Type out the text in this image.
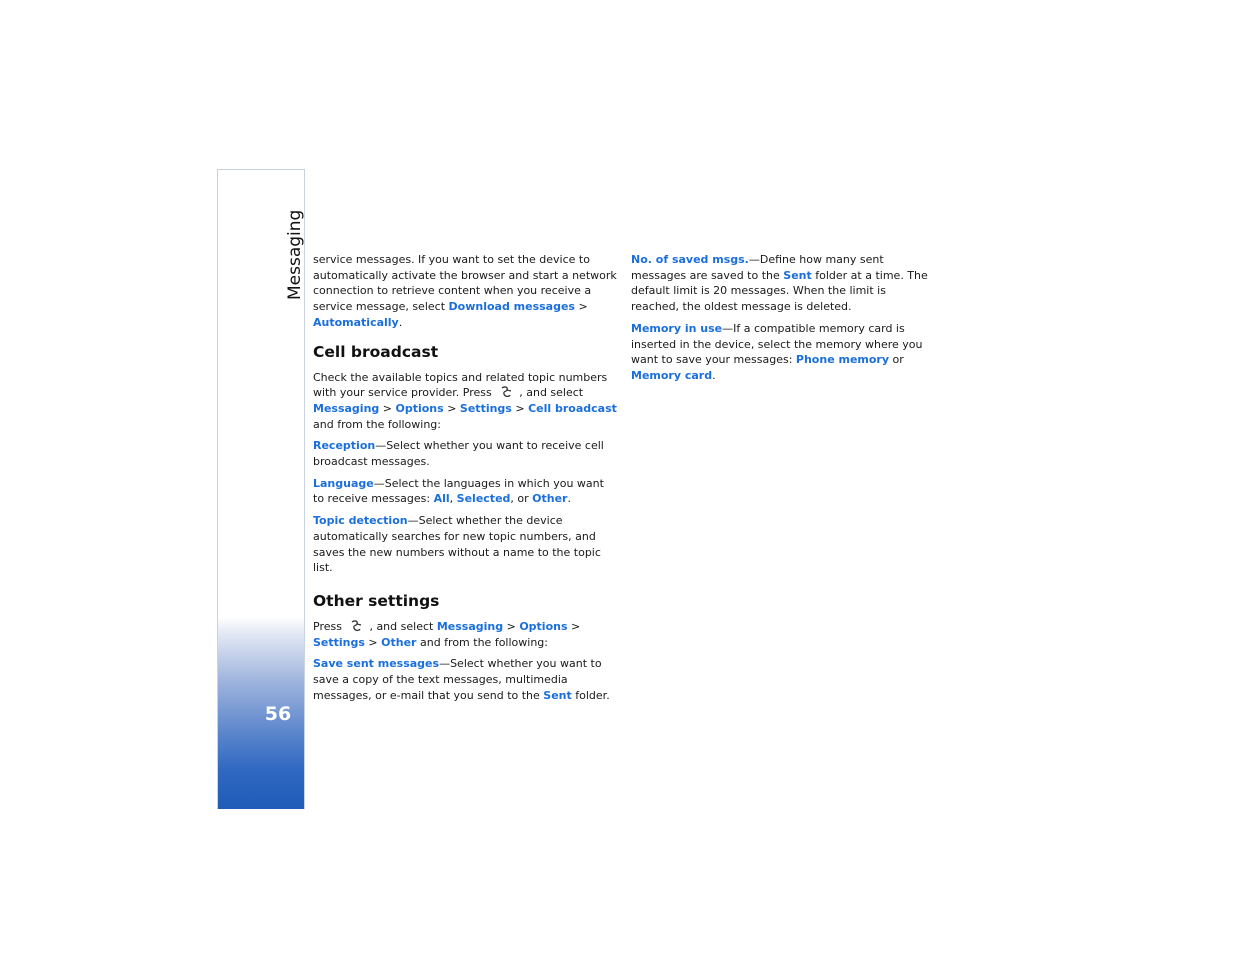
Messaging
56

service messages. If you want to set the device to automatically activate the browser and start a network connection to retrieve content when you receive a service message, select Download messages > Automatically.

Cell broadcast

Check the available topics and related topic numbers with your service provider. Press , and select Messaging > Options > Settings > Cell broadcast and from the following:

Reception—Select whether you want to receive cell broadcast messages.

Language—Select the languages in which you want to receive messages: All, Selected, or Other.

Topic detection—Select whether the device automatically searches for new topic numbers, and saves the new numbers without a name to the topic list.

Other settings

Press , and select Messaging > Options > Settings > Other and from the following:

Save sent messages—Select whether you want to save a copy of the text messages, multimedia messages, or e-mail that you send to the Sent folder.

No. of saved msgs.—Define how many sent messages are saved to the Sent folder at a time. The default limit is 20 messages. When the limit is reached, the oldest message is deleted.

Memory in use—If a compatible memory card is inserted in the device, select the memory where you want to save your messages: Phone memory or Memory card.
